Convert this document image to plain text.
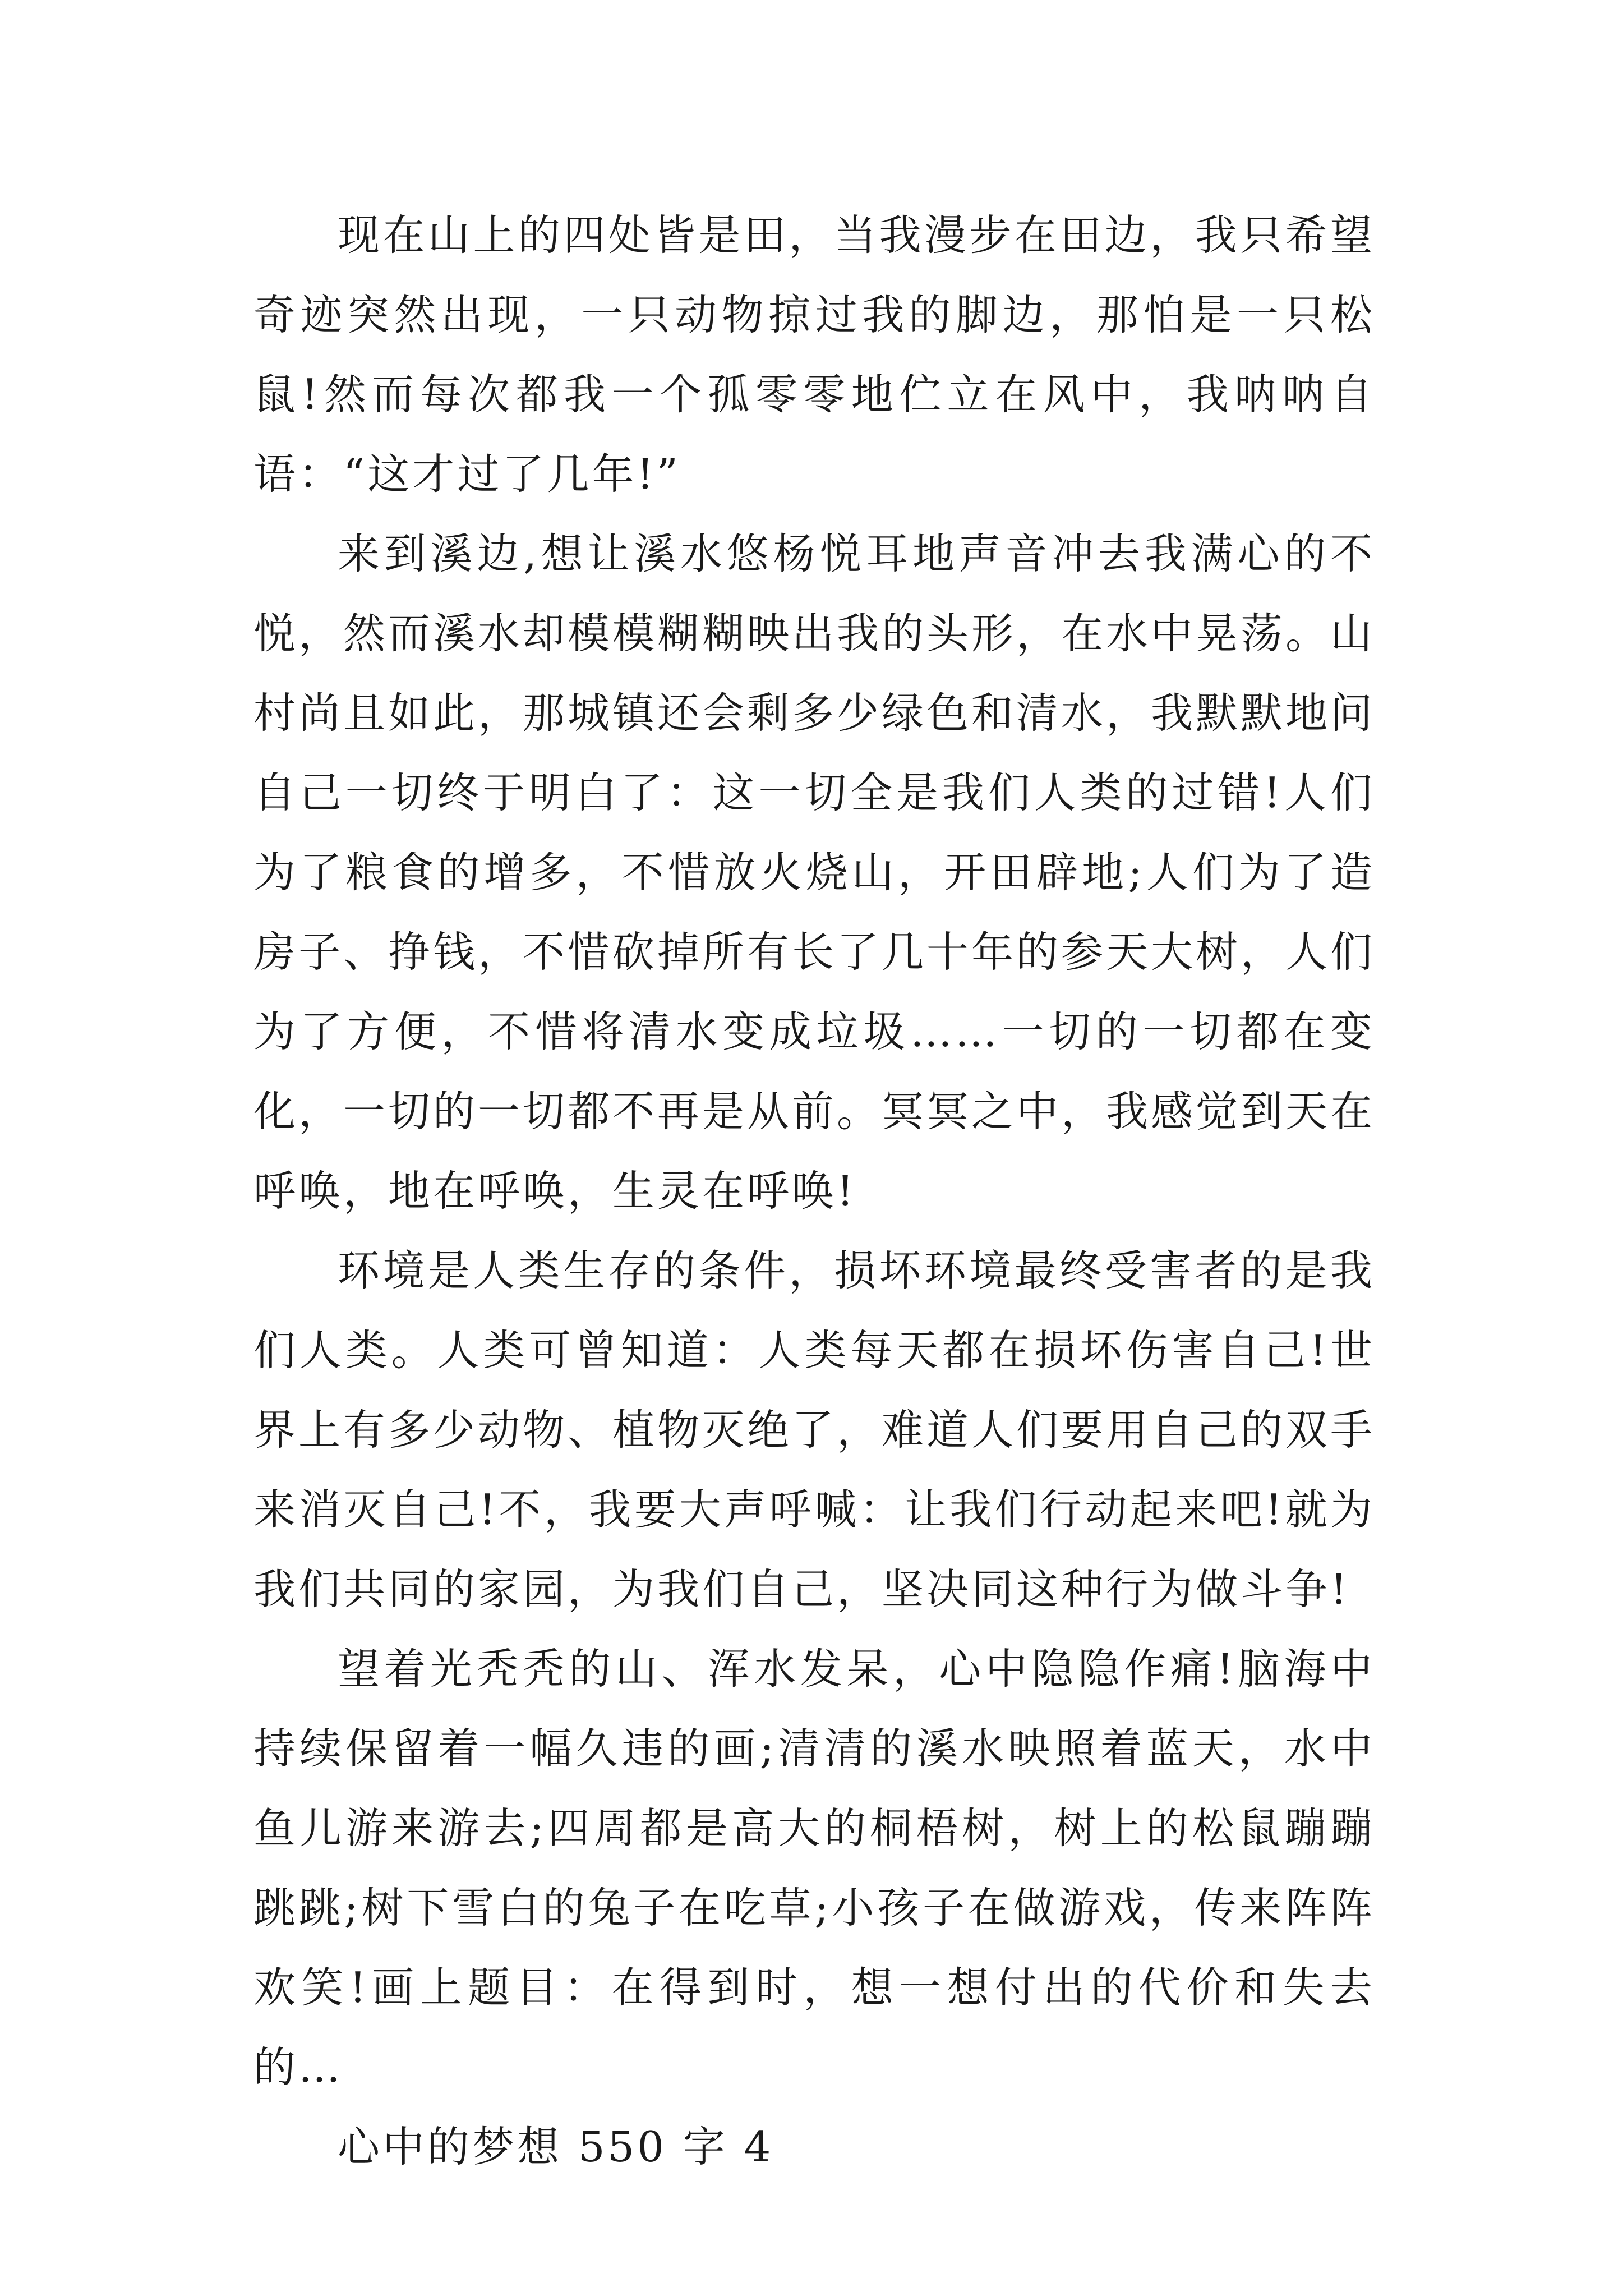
现在山上的四处皆是田，当我漫步在田边，我只希望奇迹突然出现，一只动物掠过我的脚边，那怕是一只松鼠!然而每次都我一个孤零零地伫立在风中，我呐呐自语：“这才过了几年!”

来到溪边,想让溪水悠杨悦耳地声音冲去我满心的不悦，然而溪水却模模糊糊映出我的头形，在水中晃荡。山村尚且如此，那城镇还会剩多少绿色和清水，我默默地问自己一切终于明白了：这一切全是我们人类的过错!人们为了粮食的增多，不惜放火烧山，开田辟地;人们为了造房子、挣钱，不惜砍掉所有长了几十年的参天大树，人们为了方便，不惜将清水变成垃圾……一切的一切都在变化，一切的一切都不再是从前。冥冥之中，我感觉到天在呼唤，地在呼唤，生灵在呼唤!

环境是人类生存的条件，损坏环境最终受害者的是我们人类。人类可曾知道：人类每天都在损坏伤害自己!世界上有多少动物、植物灭绝了，难道人们要用自己的双手来消灭自己!不，我要大声呼喊：让我们行动起来吧!就为我们共同的家园，为我们自己，坚决同这种行为做斗争!

望着光秃秃的山、浑水发呆，心中隐隐作痛!脑海中持续保留着一幅久违的画;清清的溪水映照着蓝天，水中鱼儿游来游去;四周都是高大的桐梧树，树上的松鼠蹦蹦跳跳;树下雪白的兔子在吃草;小孩子在做游戏，传来阵阵欢笑!画上题目：在得到时，想一想付出的代价和失去的…

心中的梦想 550 字 4
